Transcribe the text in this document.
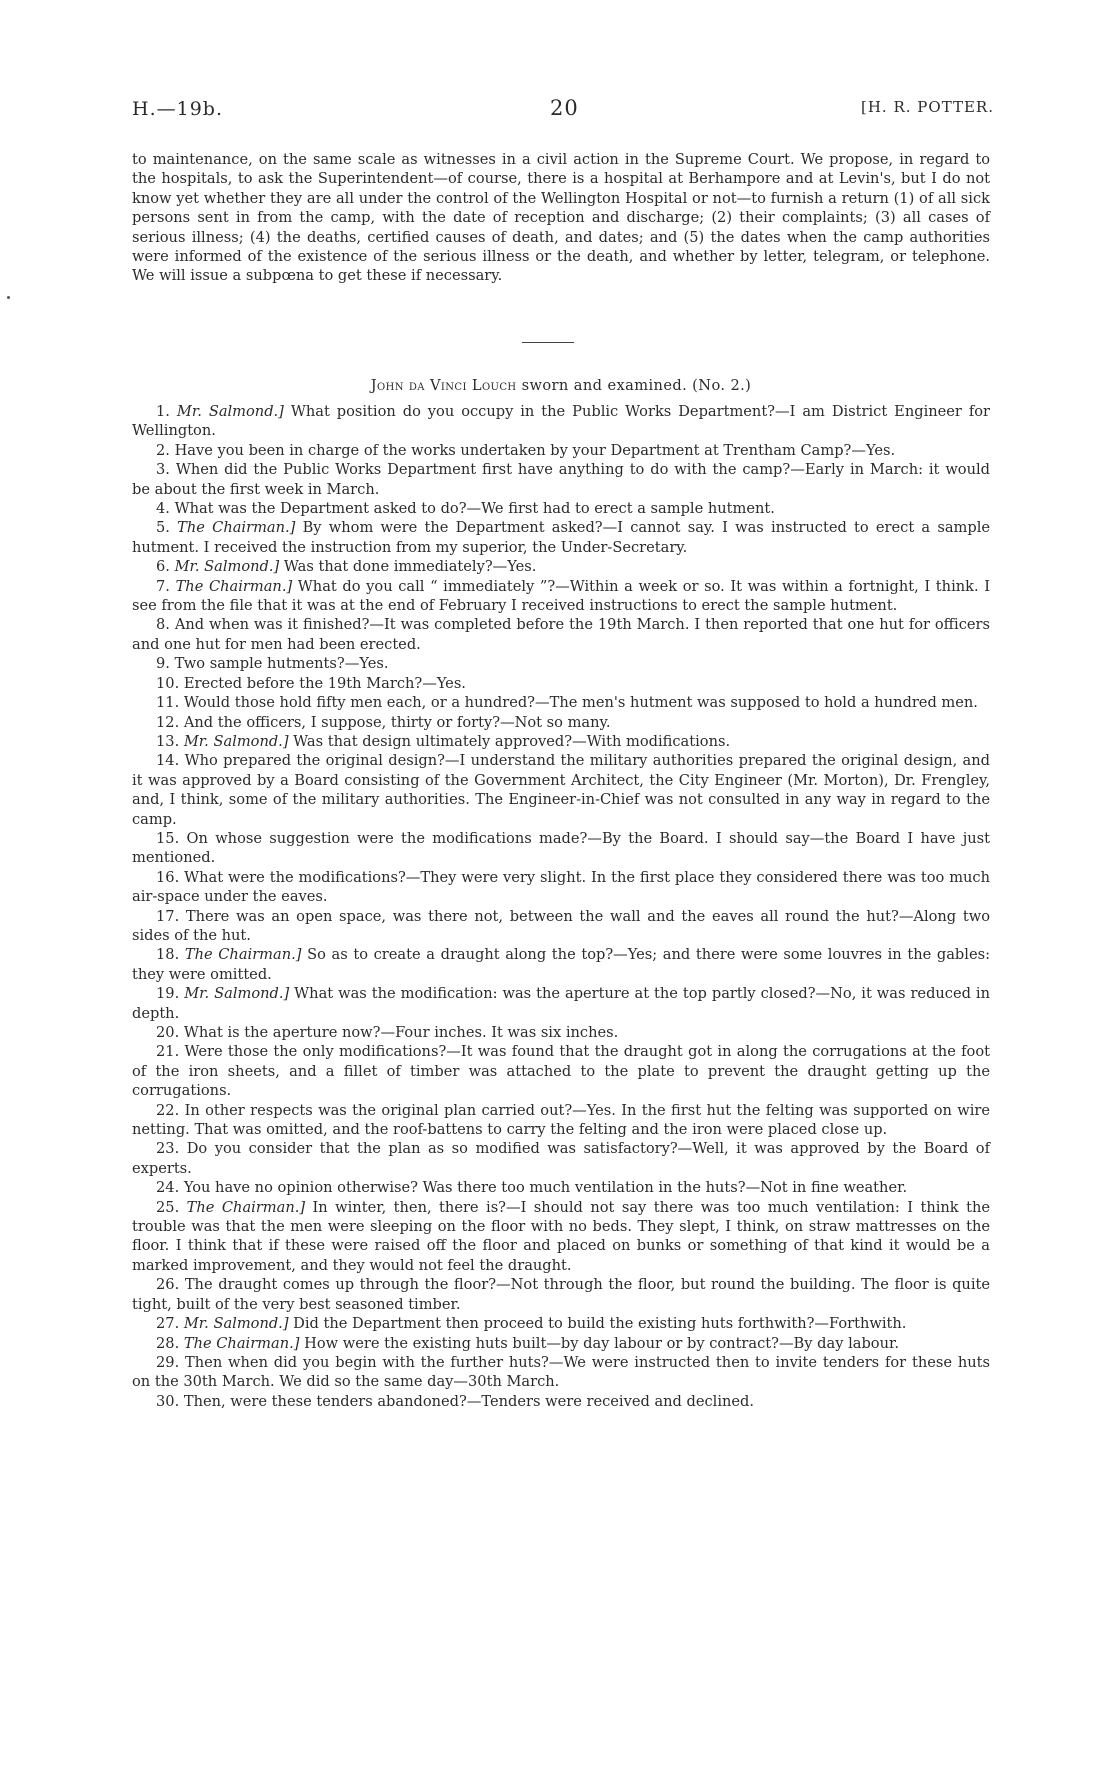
H.—19b.	20	[H. R. POTTER.
to maintenance, on the same scale as witnesses in a civil action in the Supreme Court. We propose, in regard to the hospitals, to ask the Superintendent—of course, there is a hospital at Berhampore and at Levin's, but I do not know yet whether they are all under the control of the Wellington Hospital or not—to furnish a return (1) of all sick persons sent in from the camp, with the date of reception and discharge; (2) their complaints; (3) all cases of serious illness; (4) the deaths, certified causes of death, and dates; and (5) the dates when the camp authorities were informed of the existence of the serious illness or the death, and whether by letter, telegram, or telephone. We will issue a subpœna to get these if necessary.
John da Vinci Louch sworn and examined. (No. 2.)

1. Mr. Salmond.] What position do you occupy in the Public Works Department?—I am District Engineer for Wellington.

2. Have you been in charge of the works undertaken by your Department at Trentham Camp?—Yes.

3. When did the Public Works Department first have anything to do with the camp?—Early in March: it would be about the first week in March.

4. What was the Department asked to do?—We first had to erect a sample hutment.

5. The Chairman.] By whom were the Department asked?—I cannot say. I was instructed to erect a sample hutment. I received the instruction from my superior, the Under-Secretary.

6. Mr. Salmond.] Was that done immediately?—Yes.

7. The Chairman.] What do you call “ immediately ”?—Within a week or so. It was within a fortnight, I think. I see from the file that it was at the end of February I received instructions to erect the sample hutment.

8. And when was it finished?—It was completed before the 19th March. I then reported that one hut for officers and one hut for men had been erected.

9. Two sample hutments?—Yes.

10. Erected before the 19th March?—Yes.

11. Would those hold fifty men each, or a hundred?—The men's hutment was supposed to hold a hundred men.

12. And the officers, I suppose, thirty or forty?—Not so many.

13. Mr. Salmond.] Was that design ultimately approved?—With modifications.

14. Who prepared the original design?—I understand the military authorities prepared the original design, and it was approved by a Board consisting of the Government Architect, the City Engineer (Mr. Morton), Dr. Frengley, and, I think, some of the military authorities. The Engineer-in-Chief was not consulted in any way in regard to the camp.

15. On whose suggestion were the modifications made?—By the Board. I should say—the Board I have just mentioned.

16. What were the modifications?—They were very slight. In the first place they considered there was too much air-space under the eaves.

17. There was an open space, was there not, between the wall and the eaves all round the hut?—Along two sides of the hut.

18. The Chairman.] So as to create a draught along the top?—Yes; and there were some louvres in the gables: they were omitted.

19. Mr. Salmond.] What was the modification: was the aperture at the top partly closed?—No, it was reduced in depth.

20. What is the aperture now?—Four inches. It was six inches.

21. Were those the only modifications?—It was found that the draught got in along the corrugations at the foot of the iron sheets, and a fillet of timber was attached to the plate to prevent the draught getting up the corrugations.

22. In other respects was the original plan carried out?—Yes. In the first hut the felting was supported on wire netting. That was omitted, and the roof-battens to carry the felting and the iron were placed close up.

23. Do you consider that the plan as so modified was satisfactory?—Well, it was approved by the Board of experts.

24. You have no opinion otherwise? Was there too much ventilation in the huts?—Not in fine weather.

25. The Chairman.] In winter, then, there is?—I should not say there was too much ventilation: I think the trouble was that the men were sleeping on the floor with no beds. They slept, I think, on straw mattresses on the floor. I think that if these were raised off the floor and placed on bunks or something of that kind it would be a marked improvement, and they would not feel the draught.

26. The draught comes up through the floor?—Not through the floor, but round the building. The floor is quite tight, built of the very best seasoned timber.

27. Mr. Salmond.] Did the Department then proceed to build the existing huts forthwith?—Forthwith.

28. The Chairman.] How were the existing huts built—by day labour or by contract?—By day labour.

29. Then when did you begin with the further huts?—We were instructed then to invite tenders for these huts on the 30th March. We did so the same day—30th March.

30. Then, were these tenders abandoned?—Tenders were received and declined.
